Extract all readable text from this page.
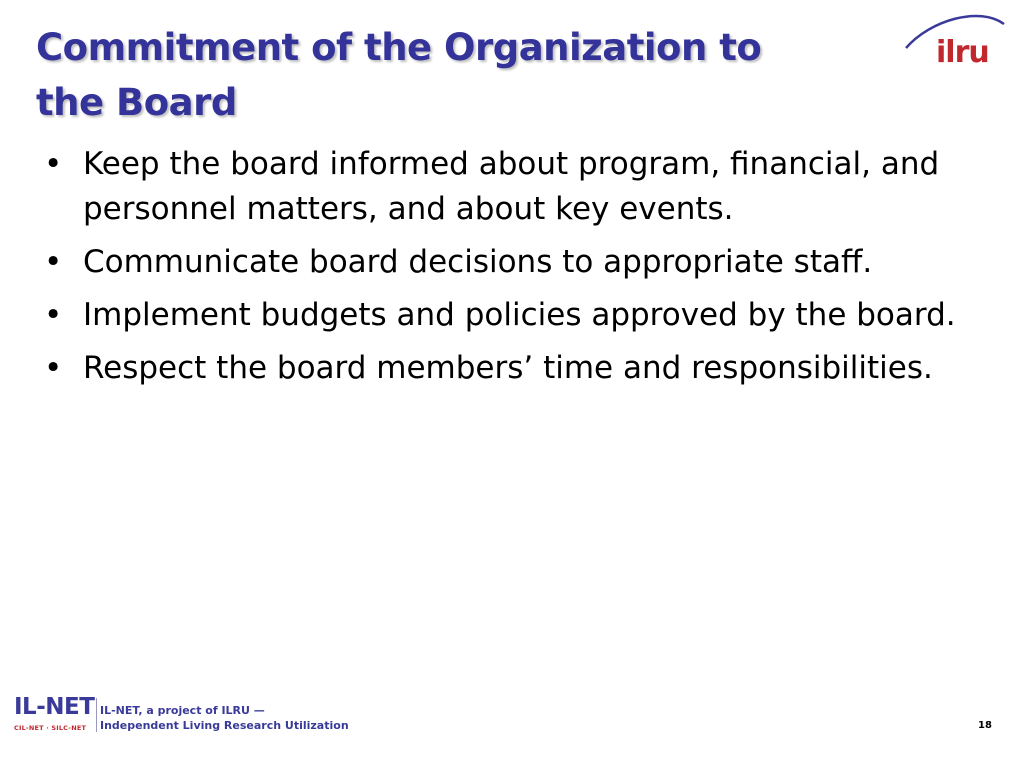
Commitment of the Organization to
the Board
ilru
• Keep the board informed about program, financial, and personnel matters, and about key events.
• Communicate board decisions to appropriate staff.
• Implement budgets and policies approved by the board.
• Respect the board members’ time and responsibilities.
IL-NET
CIL-NET · SILC-NET
IL-NET, a project of ILRU —
Independent Living Research Utilization	18
